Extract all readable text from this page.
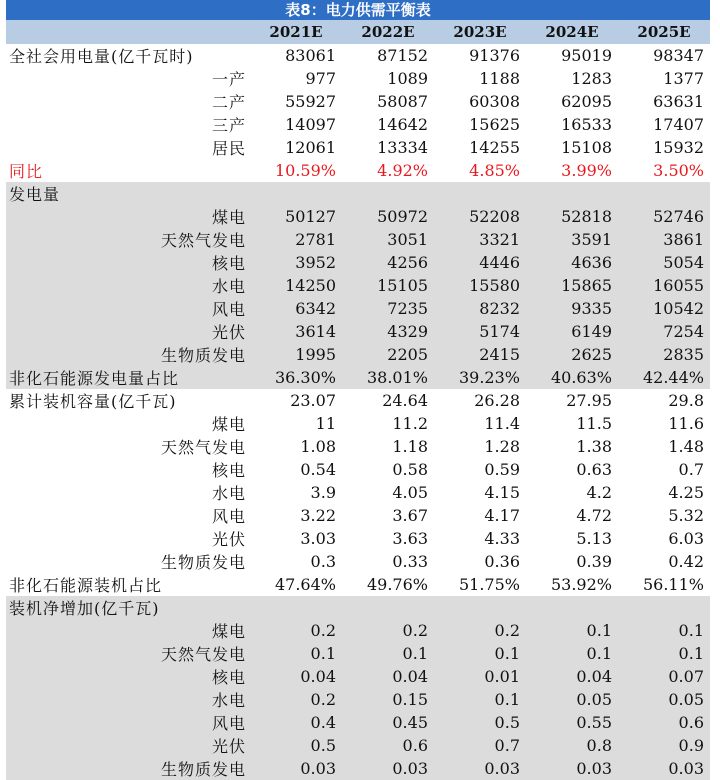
表8：电力供需平衡表
	2021E	2022E	2023E	2024E	2025E
全社会用电量(亿千瓦时)	83061	87152	91376	95019	98347
一产	977	1089	1188	1283	1377
二产	55927	58087	60308	62095	63631
三产	14097	14642	15625	16533	17407
居民	12061	13334	14255	15108	15932
同比	10.59%	4.92%	4.85%	3.99%	3.50%
发电量					
煤电	50127	50972	52208	52818	52746
天然气发电	2781	3051	3321	3591	3861
核电	3952	4256	4446	4636	5054
水电	14250	15105	15580	15865	16055
风电	6342	7235	8232	9335	10542
光伏	3614	4329	5174	6149	7254
生物质发电	1995	2205	2415	2625	2835
非化石能源发电量占比	36.30%	38.01%	39.23%	40.63%	42.44%
累计装机容量(亿千瓦)	23.07	24.64	26.28	27.95	29.8
煤电	11	11.2	11.4	11.5	11.6
天然气发电	1.08	1.18	1.28	1.38	1.48
核电	0.54	0.58	0.59	0.63	0.7
水电	3.9	4.05	4.15	4.2	4.25
风电	3.22	3.67	4.17	4.72	5.32
光伏	3.03	3.63	4.33	5.13	6.03
生物质发电	0.3	0.33	0.36	0.39	0.42
非化石能源装机占比	47.64%	49.76%	51.75%	53.92%	56.11%
装机净增加(亿千瓦)					
煤电	0.2	0.2	0.2	0.1	0.1
天然气发电	0.1	0.1	0.1	0.1	0.1
核电	0.04	0.04	0.01	0.04	0.07
水电	0.2	0.15	0.1	0.05	0.05
风电	0.4	0.45	0.5	0.55	0.6
光伏	0.5	0.6	0.7	0.8	0.9
生物质发电	0.03	0.03	0.03	0.03	0.03
